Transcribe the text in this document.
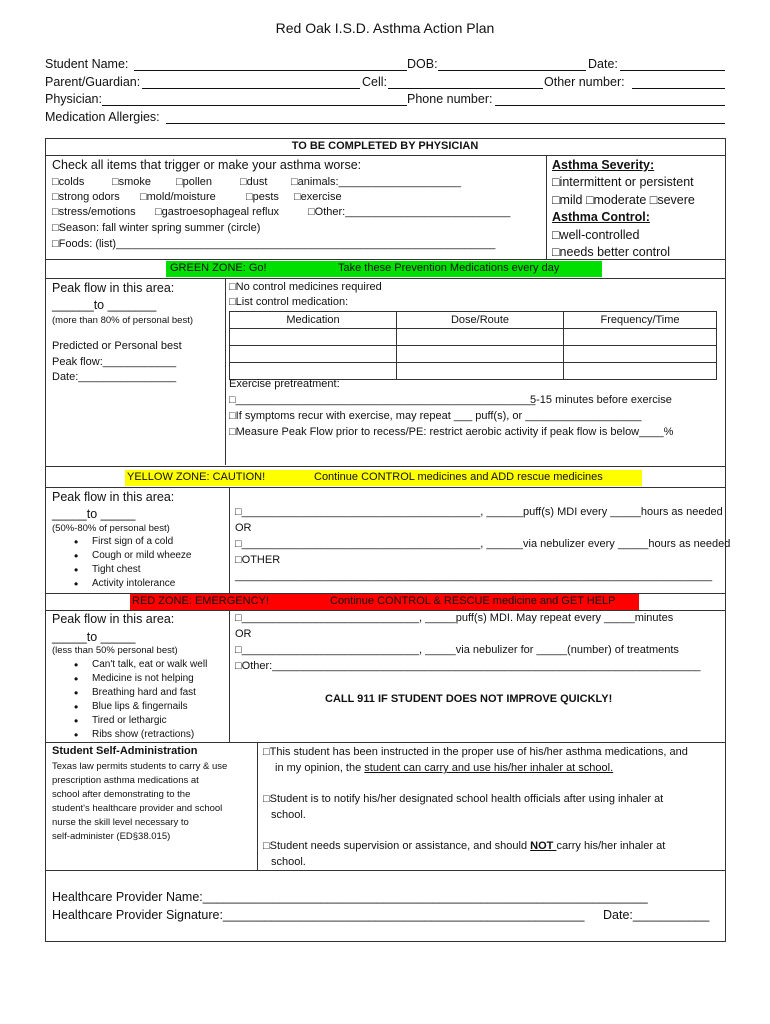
Red Oak I.S.D. Asthma Action Plan
Student Name:	DOB:	Date:
Parent/Guardian:	Cell:	Other number:
Physician:	Phone number:
Medication Allergies:
TO BE COMPLETED BY PHYSICIAN
Check all items that trigger or make your asthma worse:
□colds	□smoke □pollen	□dust □animals:____________________
□strong odors □mold/moisture	□pests □exercise
□stress/emotions □gastroesophageal reflux	□Other:___________________________
□Season: fall winter spring summer (circle)
□Foods: (list)______________________________________________________________
Asthma Severity:
□intermittent or persistent
□mild □moderate □severe
Asthma Control:
□well-controlled
□needs better control
GREEN ZONE: Go!	Take these Prevention Medications every day
Peak flow in this area:
______to _______
(more than 80% of personal best)
Predicted or Personal best
Peak flow:____________
Date:________________
□No control medicines required
□List control medication:
Medication	Dose/Route	Frequency/Time

Exercise pretreatment:
□_________________________________________________
5-15 minutes before exercise
□If symptoms recur with exercise, may repeat ___ puff(s), or ___________________
□Measure Peak Flow prior to recess/PE: restrict aerobic activity if peak flow is below____%
YELLOW ZONE: CAUTION!	Continue CONTROL medicines and ADD rescue medicines
Peak flow in this area:
_____to _____
(50%-80% of personal best)
• First sign of a cold
• Cough or mild wheeze
• Tight chest
• Activity intolerance
□_______________________________________, ______puff(s) MDI every _____hours as needed
OR
□_______________________________________, ______via nebulizer every _____hours as needed
□OTHER
______________________________________________________________________________
RED ZONE: EMERGENCY!	Continue CONTROL & RESCUE medicine and GET HELP
Peak flow in this area:
_____to _____
(less than 50% personal best)
• Can't talk, eat or walk well
• Medicine is not helping
• Breathing hard and fast
• Blue lips & fingernails
• Tired or lethargic
• Ribs show (retractions)
□_____________________________, _____puff(s) MDI. May repeat every _____minutes
OR
□_____________________________, _____via nebulizer for _____(number) of treatments
□Other:______________________________________________________________________
CALL 911 IF STUDENT DOES NOT IMPROVE QUICKLY!
Student Self-Administration
Texas law permits students to carry & use
prescription asthma medications at
school after demonstrating to the
student's healthcare provider and school
nurse the skill level necessary to
self-administer (ED§38.015)
□This student has been instructed in the proper use of his/her asthma medications, and
in my opinion, the student can carry and use his/her inhaler at school.
□Student is to notify his/her designated school health officials after using inhaler at
school.
□Student needs supervision or assistance, and should NOT carry his/her inhaler at
school.
Healthcare Provider Name:________________________________________________________________
Healthcare Provider Signature:____________________________________________________ Date:___________
